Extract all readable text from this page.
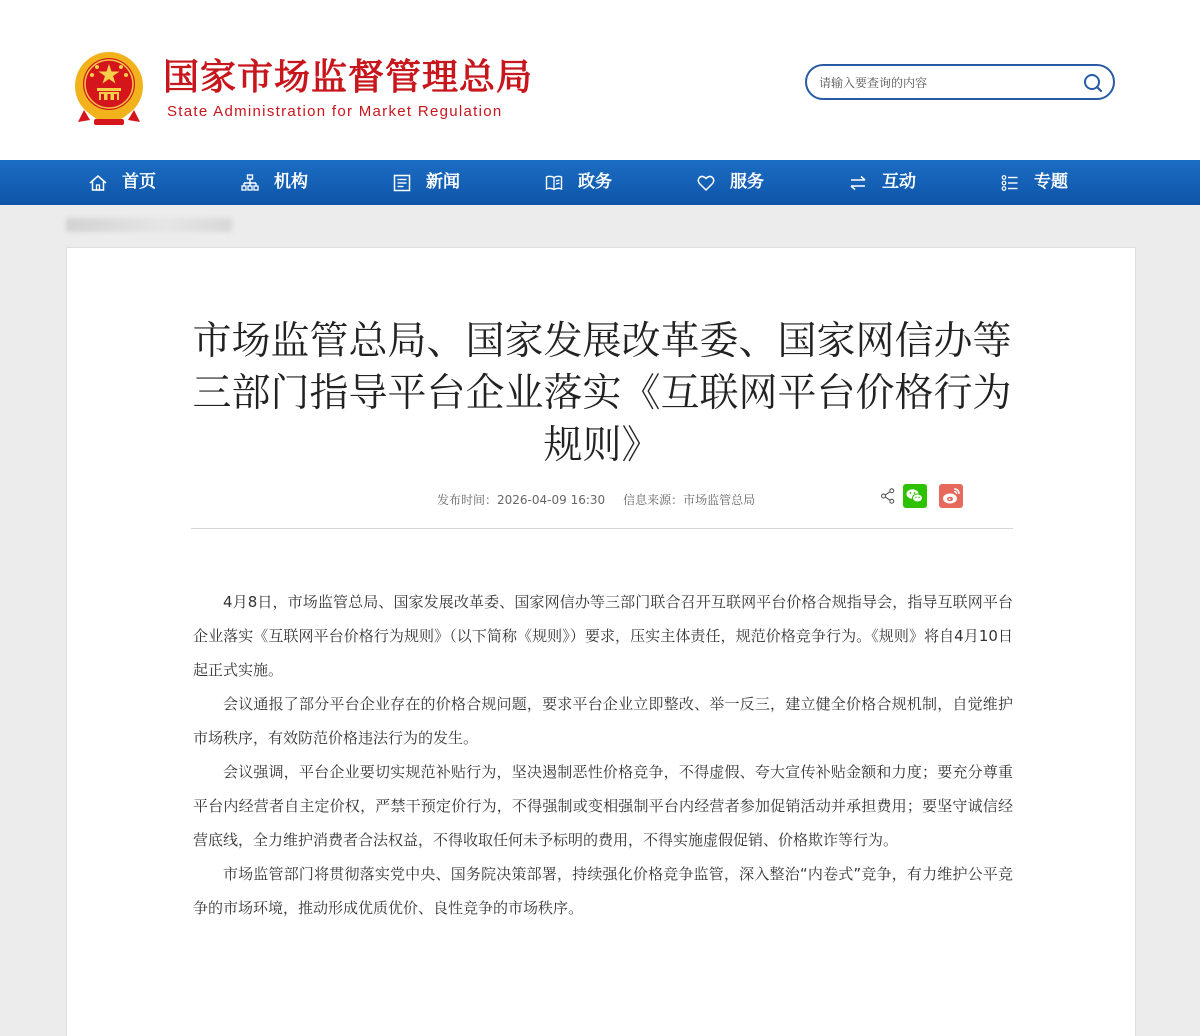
国家市场监督管理总局
State Administration for Market Regulation
请输入要查询的内容
首页	机构	新闻	政务	服务	互动	专题
市场监管总局、国家发展改革委、国家网信办等三部门指导平台企业落实《互联网平台价格行为规则》
发布时间：2026-04-09 16:30 信息来源：市场监管总局

4月8日，市场监管总局、国家发展改革委、国家网信办等三部门联合召开互联网平台价格合规指导会，指导互联网平台企业落实《互联网平台价格行为规则》（以下简称《规则》）要求，压实主体责任，规范价格竞争行为。《规则》将自4月10日起正式实施。

会议通报了部分平台企业存在的价格合规问题，要求平台企业立即整改、举一反三，建立健全价格合规机制，自觉维护市场秩序，有效防范价格违法行为的发生。

会议强调，平台企业要切实规范补贴行为，坚决遏制恶性价格竞争，不得虚假、夸大宣传补贴金额和力度；要充分尊重平台内经营者自主定价权，严禁干预定价行为，不得强制或变相强制平台内经营者参加促销活动并承担费用；要坚守诚信经营底线，全力维护消费者合法权益，不得收取任何未予标明的费用，不得实施虚假促销、价格欺诈等行为。

市场监管部门将贯彻落实党中央、国务院决策部署，持续强化价格竞争监管，深入整治“内卷式”竞争，有力维护公平竞争的市场环境，推动形成优质优价、良性竞争的市场秩序。
